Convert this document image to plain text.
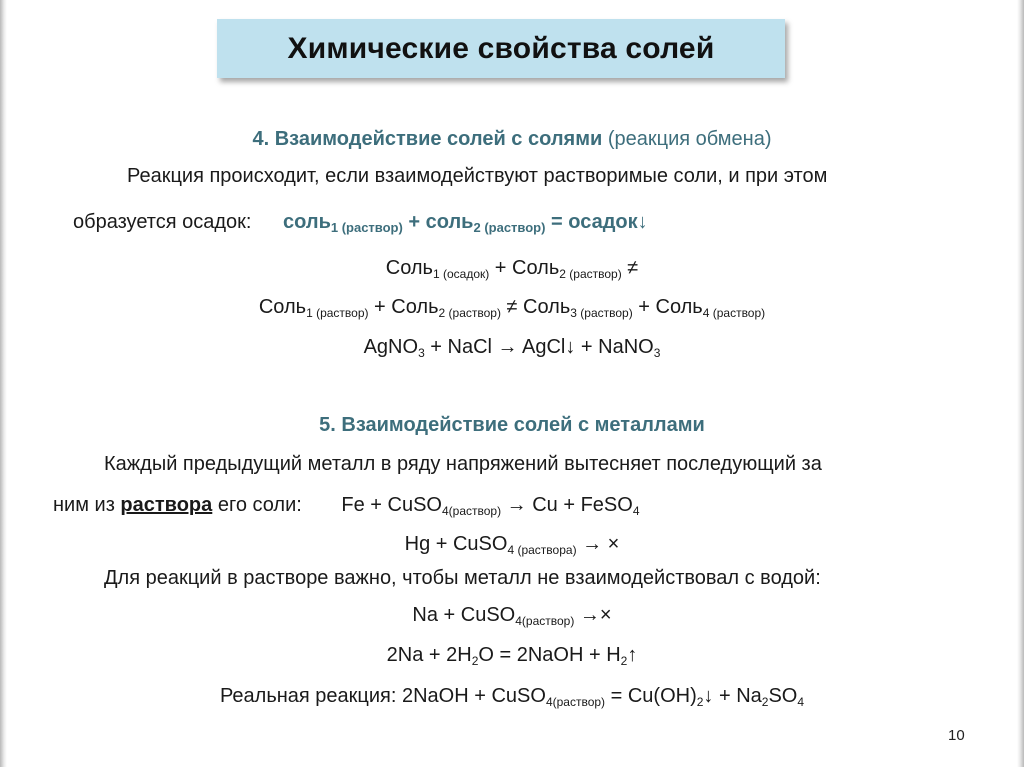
Химические свойства солей
4. Взаимодействие солей с солями (реакция обмена)
Реакция происходит, если взаимодействуют растворимые соли, и при этом
образуется осадок: соль$_{1 (раствор)}$ + соль$_{2 (раствор)}$ = осадок↓
Соль$_{1 (осадок)}$ + Соль$_{2 (раствор)}$ ≠
Соль$_{1 (раствор)}$ + Соль$_{2 (раствор)}$ ≠ Соль$_{3 (раствор)}$ + Соль$_{4 (раствор)}$
AgNO$_3$ + NaCl → AgCl↓ + NaNO$_3$
5. Взаимодействие солей с металлами
Каждый предыдущий металл в ряду напряжений вытесняет последующий за
ним из раствора его соли: Fe + CuSO$_{4(раствор)}$ → Cu + FeSO$_4$
Hg + CuSO$_{4 (раствора)}$ → ×
Для реакций в растворе важно, чтобы металл не взаимодействовал с водой:
Na + CuSO$_{4(раствор)}$ →×
$2Na + 2H_2O$ = 2NaOH + $H_2↑$
Реальная реакция: 2NaOH + CuSO$_{4(раствор)}$ = $Cu(OH)_2↓ + Na_2SO_4$
10
